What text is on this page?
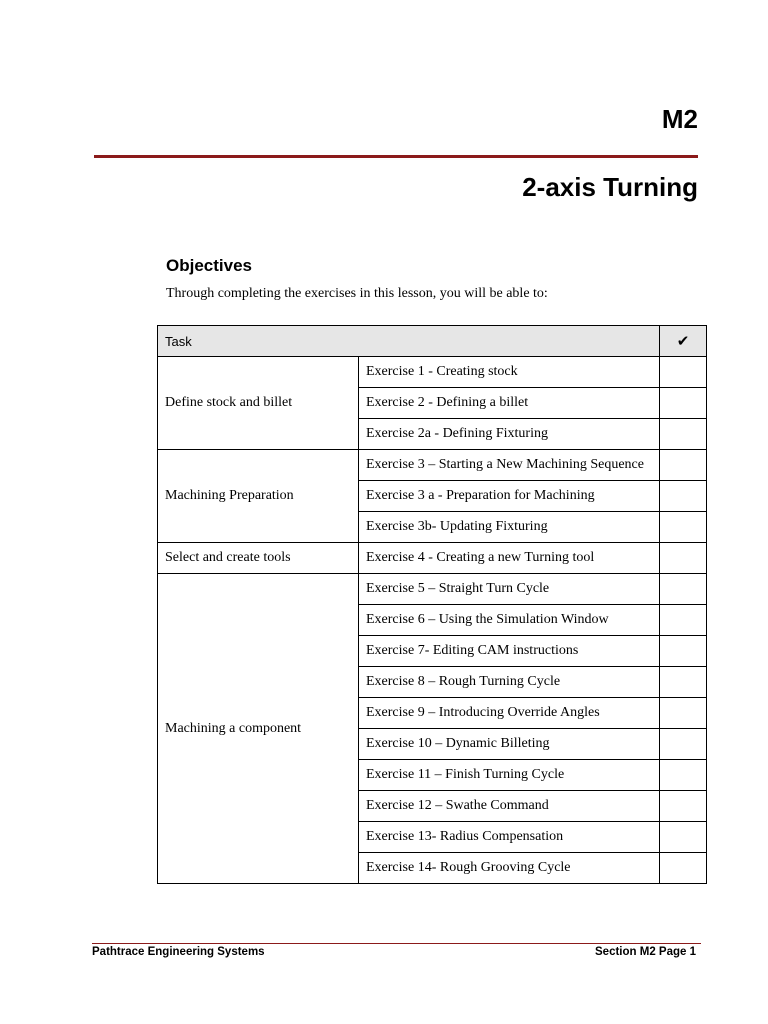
M2
2-axis Turning
Objectives
Through completing the exercises in this lesson, you will be able to:
Task		✔
Define stock and billet	Exercise 1 - Creating stock	
	Exercise 2 - Defining a billet	
	Exercise 2a - Defining Fixturing	
Machining Preparation	Exercise 3 – Starting a New Machining Sequence	
	Exercise 3 a - Preparation for Machining	
	Exercise 3b- Updating Fixturing	
Select and create tools	Exercise 4 - Creating a new Turning tool	
Machining a component	Exercise 5 – Straight Turn Cycle	
	Exercise 6 – Using the Simulation Window	
	Exercise 7- Editing CAM instructions	
	Exercise 8 – Rough Turning Cycle	
	Exercise 9 – Introducing Override Angles	
	Exercise 10 – Dynamic Billeting	
	Exercise 11 – Finish Turning Cycle	
	Exercise 12 – Swathe Command	
	Exercise 13- Radius Compensation	
	Exercise 14- Rough Grooving Cycle	
Pathtrace Engineering Systems	Section M2 Page 1
